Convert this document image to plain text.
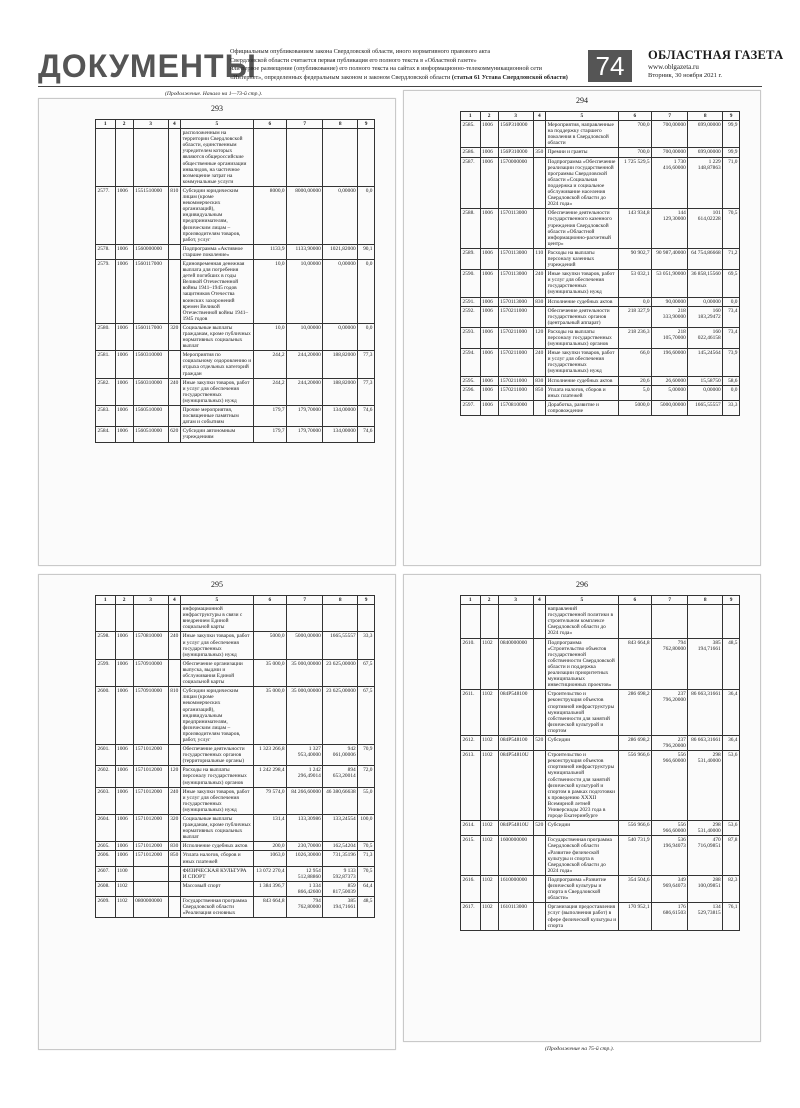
ДОКУМЕНТЫ
Официальным опубликованием закона Свердловской области, иного нормативного правового акта
Свердловской области считается первая публикация его полного текста в «Областной газете»
или первое размещение (опубликование) его полного текста на сайтах в информационно-телекоммуникационной сети
«Интернет», определенных федеральным законом и законом Свердловской области (статья 61 Устава Свердловской области)	74	ОБЛАСТНАЯ ГАЗЕТА
www.oblgazeta.ru
Вторник, 30 ноября 2021 г.
(Продолжение. Начало на 1—73-й стр.).
293
1	2	3	4	5	6	7	8	9
				расположенным на территории Свердловской области, единственным учредителем которых являются общероссийские общественные организации инвалидов, на частичное возмещение затрат на коммунальные услуги				
2577.	1006	1551510000	810	Субсидии юридическим лицам (кроме некоммерческих организаций), индивидуальным предпринимателям, физическим лицам – производителям товаров, работ, услуг	8000,0	8000,00000	0,00000	0,0
2578.	1006	1560000000		Подпрограмма «Активное старшее поколение»	1133,9	1133,90000	1021,82000	90,1
2579.	1006	1560117000		Единовременная денежная выплата для погребения детей погибших в годы Великой Отечественной войны 1941–1945 годов защитников Отечества воинских захоронений времен Великой Отечественной войны 1941–1945 годов	10,0	10,00000	0,00000	0,0
2580.	1006	1560117000	320	Социальные выплаты гражданам, кроме публичных нормативных социальных выплат	10,0	10,00000	0,00000	0,0
2581.	1006	1560310000		Мероприятия по социальному оздоровлению и отдыха отдельных категорий граждан	244,2	244,20000	188,82000	77,3
2582.	1006	1560310000	240	Иные закупки товаров, работ и услуг для обеспечения государственных (муниципальных) нужд	244,2	244,20000	188,82000	77,3
2583.	1006	1560510000		Прочие мероприятия, посвященные памятным датам и событиям	179,7	179,70000	134,00000	74,6
2584.	1006	1560510000	620	Субсидии автономным учреждениям	179,7	179,70000	134,00000	74,6
294
1	2	3	4	5	6	7	8	9
2585.	1006	156Р310000		Мероприятия, направленные на поддержку старшего поколения в Свердловской области	700,0	700,00000	699,00000	99,9
2586.	1006	156Р310000	350	Премии и гранты	700,0	700,00000	699,00000	99,9
2587.	1006	1570000000		Подпрограмма «Обеспечение реализации государственной программы Свердловской области «Социальная поддержка и социальное обслуживание населения Свердловской области до 2024 года»	1 725 529,5	1 730 416,60000	1 229 148,87863	71,0
2588.	1006	1570113000		Обеспечение деятельности государственного казенного учреждения Свердловской области «Областной информационно-расчетный центр»	143 934,8	144 129,30000	101 614,02228	70,5
2589.	1006	1570113000	110	Расходы на выплаты персоналу казенных учреждений	90 902,7	90 987,40000	64 754,86668	71,2
2590.	1006	1570113000	240	Иные закупки товаров, работ и услуг для обеспечения государственных (муниципальных) нужд	53 032,1	53 051,90000	36 858,15560	69,5
2591.	1006	1570113000	830	Исполнение судебных актов	0,0	90,00000	0,00000	0,0
2592.	1006	1570211000		Обеспечение деятельности государственных органов (центральный аппарат)	218 327,9	218 333,90000	160 183,29472	73,4
2593.	1006	1570211000	120	Расходы на выплаты персоналу государственных (муниципальных) органов	218 236,3	218 105,70000	160 022,46158	73,4
2594.	1006	1570211000	240	Иные закупки товаров, работ и услуг для обеспечения государственных (муниципальных) нужд	66,0	196,60000	145,24564	73,9
2595.	1006	1570211000	830	Исполнение судебных актов	20,6	26,60000	15,58750	58,6
2596.	1006	1570211000	850	Уплата налогов, сборов и иных платежей	5,0	5,00000	0,00000	0,0
2597.	1006	1570810000		Доработка, развитие и сопровождение	5000,0	5000,00000	1665,55557	33,3
295
1	2	3	4	5	6	7	8	9
				информационной инфраструктуры в связи с внедрением Единой социальной карты				
2598.	1006	1570810000	240	Иные закупки товаров, работ и услуг для обеспечения государственных (муниципальных) нужд	5000,0	5000,00000	1665,55557	33,3
2599.	1006	1570910000		Обеспечение организации выпуска, выдачи и обслуживания Единой социальной карты	35 000,0	35 000,00000	23 625,00000	67,5
2600.	1006	1570910000	810	Субсидии юридическим лицам (кроме некоммерческих организаций), индивидуальным предпринимателям, физическим лицам – производителям товаров, работ, услуг	35 000,0	35 000,00000	23 625,00000	67,5
2601.	1006	1571012000		Обеспечение деятельности государственных органов (территориальные органы)	1 323 266,8	1 327 953,40000	942 061,00006	70,9
2602.	1006	1571012000	120	Расходы на выплаты персоналу государственных (муниципальных) органов	1 242 298,4	1 242 296,49014	894 653,20014	72,0
2603.	1006	1571012000	240	Иные закупки товаров, работ и услуг для обеспечения государственных (муниципальных) нужд	79 574,0	84 266,60000	46 380,66638	55,0
2604.	1006	1571012000	320	Социальные выплаты гражданам, кроме публичных нормативных социальных выплат	131,4	133,30986	133,24554	100,0
2605.	1006	1571012000	830	Исполнение судебных актов	200,0	230,70000	162,54204	70,5
2606.	1006	1571012000	850	Уплата налогов, сборов и иных платежей	1063,0	1026,30000	731,35196	71,3
2607.	1100			ФИЗИЧЕСКАЯ КУЛЬТУРА И СПОРТ	13 072 270,4	12 954 512,88860	9 133 592,87373	70,5
2608.	1102			Массовый спорт	1 384 396,7	1 334 866,42600	859 817,50039	64,4
2609.	1102	0800000000		Государственная программа Свердловской области «Реализация основных	843 664,8	794 762,80000	385 194,71661	48,5
296
1	2	3	4	5	6	7	8	9
				направлений государственной политики в строительном комплексе Свердловской области до 2024 года»				
2610.	1102	0840000000		Подпрограмма «Строительство объектов государственной собственности Свердловской области и поддержка реализации приоритетных муниципальных инвестиционных проектов»	843 664,8	794 762,80000	385 194,71661	48,5
2611.	1102	084Р548100		Строительство и реконструкция объектов спортивной инфраструктуры муниципальной собственности для занятий физической культурой и спортом	286 698,2	237 796,20000	86 663,31661	36,4
2612.	1102	084Р548100	520	Субсидии	286 698,2	237 796,20000	86 663,31661	36,4
2613.	1102	084Р54810U		Строительство и реконструкция объектов спортивной инфраструктуры муниципальной собственности для занятий физической культурой и спортом в рамках подготовки к проведению XXXII Всемирной летней Универсиады 2023 года в городе Екатеринбурге	556 966,6	556 966,60000	298 531,40000	53,6
2614.	1102	084Р54810U	520	Субсидии	556 966,6	556 966,60000	298 531,40000	53,6
2615.	1102	1600000000		Государственная программа Свердловской области «Развитие физической культуры и спорта в Свердловской области до 2024 года»	540 731,9	536 196,94073	470 716,09851	87,8
2616.	1102	1610000000		Подпрограмма «Развитие физической культуры и спорта в Свердловской области»	354 504,6	349 969,64073	288 100,09851	82,3
2617.	1102	1610113000		Организация предоставления услуг (выполнения работ) в сфере физической культуры и спорта	170 952,1	176 686,61503	134 529,73815	76,1
(Продолжение на 75-й стр.).
